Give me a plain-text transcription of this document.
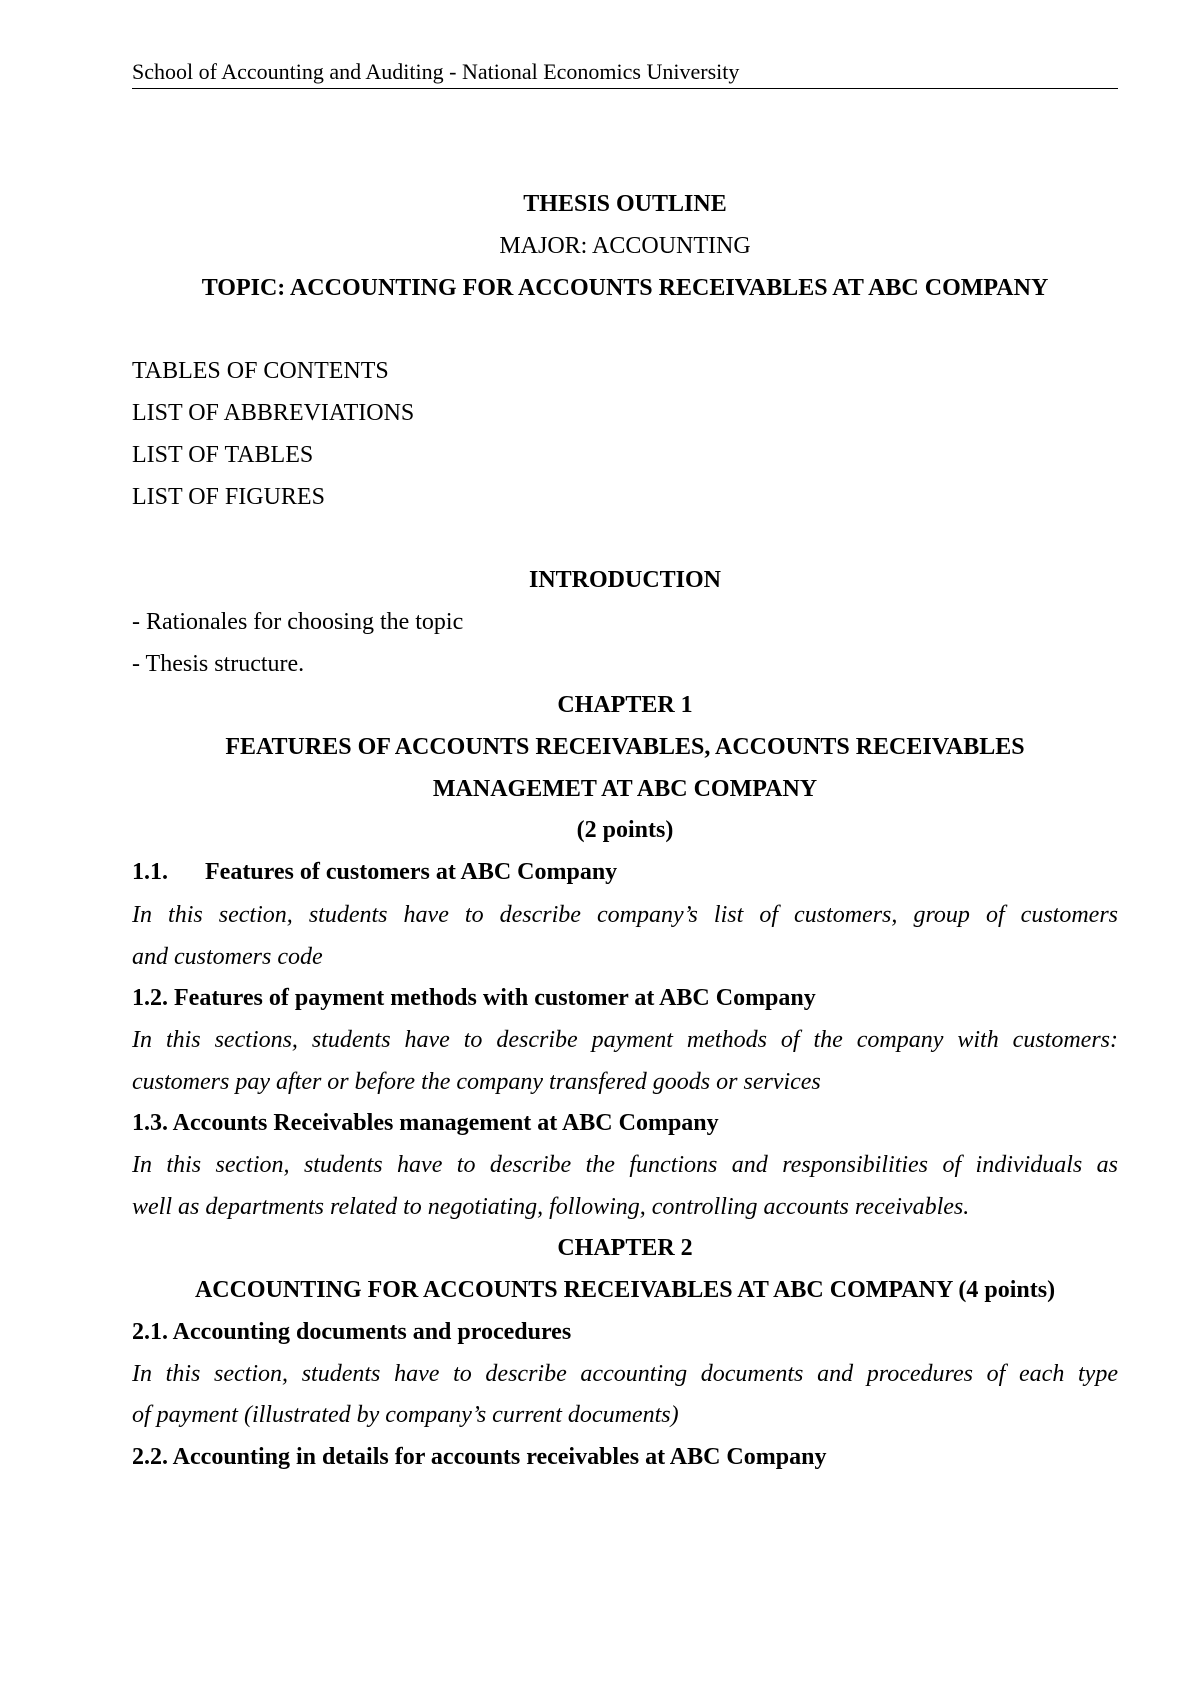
School of Accounting and Auditing - National Economics University
THESIS OUTLINE
MAJOR: ACCOUNTING
TOPIC: ACCOUNTING FOR ACCOUNTS RECEIVABLES AT ABC COMPANY
TABLES OF CONTENTS
LIST OF ABBREVIATIONS
LIST OF TABLES
LIST OF FIGURES
INTRODUCTION
- Rationales for choosing the topic
- Thesis structure.
CHAPTER 1
FEATURES OF ACCOUNTS RECEIVABLES, ACCOUNTS RECEIVABLES
MANAGEMET AT ABC COMPANY
(2 points)
1.1. Features of customers at ABC Company
In this section, students have to describe company’s list of customers, group of customers
and customers code
1.2. Features of payment methods with customer at ABC Company
In this sections, students have to describe payment methods of the company with customers:
customers pay after or before the company transfered goods or services
1.3. Accounts Receivables management at ABC Company
In this section, students have to describe the functions and responsibilities of individuals as
well as departments related to negotiating, following, controlling accounts receivables.
CHAPTER 2
ACCOUNTING FOR ACCOUNTS RECEIVABLES AT ABC COMPANY (4 points)
2.1. Accounting documents and procedures
In this section, students have to describe accounting documents and procedures of each type
of payment (illustrated by company’s current documents)
2.2. Accounting in details for accounts receivables at ABC Company
